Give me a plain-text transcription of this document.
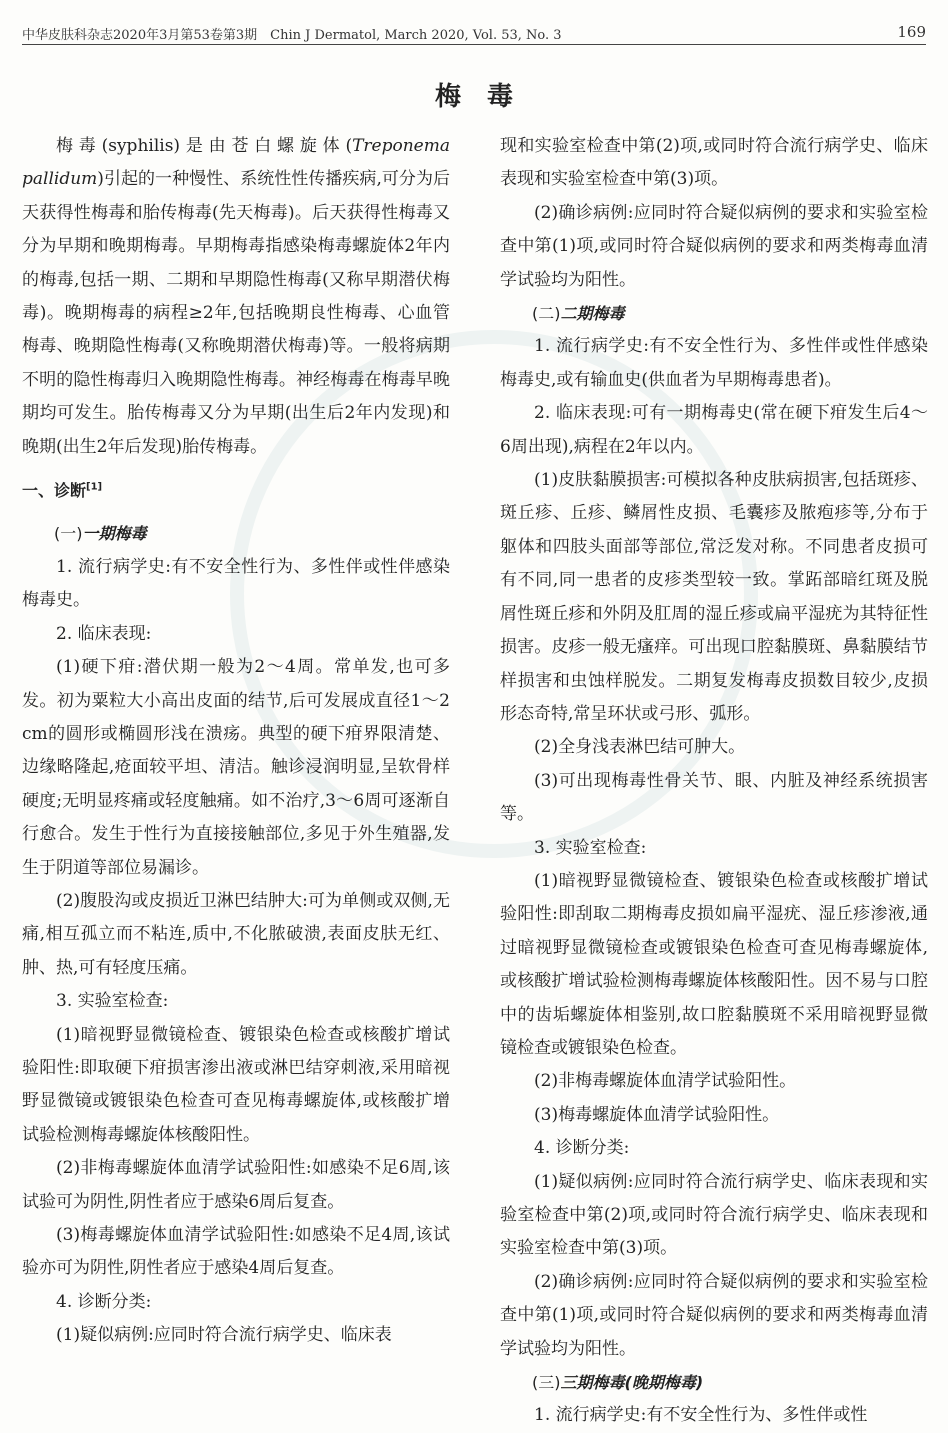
中华皮肤科杂志2020年3月第53卷第3期　Chin J Dermatol, March 2020, Vol. 53, No. 3	169
梅毒

梅毒(syphilis)是由苍白螺旋体(Treponema pallidum)引起的一种慢性、系统性性传播疾病,可分为后天获得性梅毒和胎传梅毒(先天梅毒)。后天获得性梅毒又分为早期和晚期梅毒。早期梅毒指感染梅毒螺旋体2年内的梅毒,包括一期、二期和早期隐性梅毒(又称早期潜伏梅毒)。晚期梅毒的病程≥2年,包括晚期良性梅毒、心血管梅毒、晚期隐性梅毒(又称晚期潜伏梅毒)等。一般将病期不明的隐性梅毒归入晚期隐性梅毒。神经梅毒在梅毒早晚期均可发生。胎传梅毒又分为早期(出生后2年内发现)和晚期(出生2年后发现)胎传梅毒。

一、诊断[1]

(一)一期梅毒

1. 流行病学史:有不安全性行为、多性伴或性伴感染梅毒史。

2. 临床表现:

(1)硬下疳:潜伏期一般为2～4周。常单发,也可多发。初为粟粒大小高出皮面的结节,后可发展成直径1～2 cm的圆形或椭圆形浅在溃疡。典型的硬下疳界限清楚、边缘略隆起,疮面较平坦、清洁。触诊浸润明显,呈软骨样硬度;无明显疼痛或轻度触痛。如不治疗,3～6周可逐渐自行愈合。发生于性行为直接接触部位,多见于外生殖器,发生于阴道等部位易漏诊。

(2)腹股沟或皮损近卫淋巴结肿大:可为单侧或双侧,无痛,相互孤立而不粘连,质中,不化脓破溃,表面皮肤无红、肿、热,可有轻度压痛。

3. 实验室检查:

(1)暗视野显微镜检查、镀银染色检查或核酸扩增试验阳性:即取硬下疳损害渗出液或淋巴结穿刺液,采用暗视野显微镜或镀银染色检查可查见梅毒螺旋体,或核酸扩增试验检测梅毒螺旋体核酸阳性。

(2)非梅毒螺旋体血清学试验阳性:如感染不足6周,该试验可为阴性,阴性者应于感染6周后复查。

(3)梅毒螺旋体血清学试验阳性:如感染不足4周,该试验亦可为阴性,阴性者应于感染4周后复查。

4. 诊断分类:

(1)疑似病例:应同时符合流行病学史、临床表

现和实验室检查中第(2)项,或同时符合流行病学史、临床表现和实验室检查中第(3)项。

(2)确诊病例:应同时符合疑似病例的要求和实验室检查中第(1)项,或同时符合疑似病例的要求和两类梅毒血清学试验均为阳性。

(二)二期梅毒

1. 流行病学史:有不安全性行为、多性伴或性伴感染梅毒史,或有输血史(供血者为早期梅毒患者)。

2. 临床表现:可有一期梅毒史(常在硬下疳发生后4～6周出现),病程在2年以内。

(1)皮肤黏膜损害:可模拟各种皮肤病损害,包括斑疹、斑丘疹、丘疹、鳞屑性皮损、毛囊疹及脓疱疹等,分布于躯体和四肢头面部等部位,常泛发对称。不同患者皮损可有不同,同一患者的皮疹类型较一致。掌跖部暗红斑及脱屑性斑丘疹和外阴及肛周的湿丘疹或扁平湿疣为其特征性损害。皮疹一般无瘙痒。可出现口腔黏膜斑、鼻黏膜结节样损害和虫蚀样脱发。二期复发梅毒皮损数目较少,皮损形态奇特,常呈环状或弓形、弧形。

(2)全身浅表淋巴结可肿大。

(3)可出现梅毒性骨关节、眼、内脏及神经系统损害等。

3. 实验室检查:

(1)暗视野显微镜检查、镀银染色检查或核酸扩增试验阳性:即刮取二期梅毒皮损如扁平湿疣、湿丘疹渗液,通过暗视野显微镜检查或镀银染色检查可查见梅毒螺旋体,或核酸扩增试验检测梅毒螺旋体核酸阳性。因不易与口腔中的齿垢螺旋体相鉴别,故口腔黏膜斑不采用暗视野显微镜检查或镀银染色检查。

(2)非梅毒螺旋体血清学试验阳性。

(3)梅毒螺旋体血清学试验阳性。

4. 诊断分类:

(1)疑似病例:应同时符合流行病学史、临床表现和实验室检查中第(2)项,或同时符合流行病学史、临床表现和实验室检查中第(3)项。

(2)确诊病例:应同时符合疑似病例的要求和实验室检查中第(1)项,或同时符合疑似病例的要求和两类梅毒血清学试验均为阳性。

(三)三期梅毒(晚期梅毒)

1. 流行病学史:有不安全性行为、多性伴或性
